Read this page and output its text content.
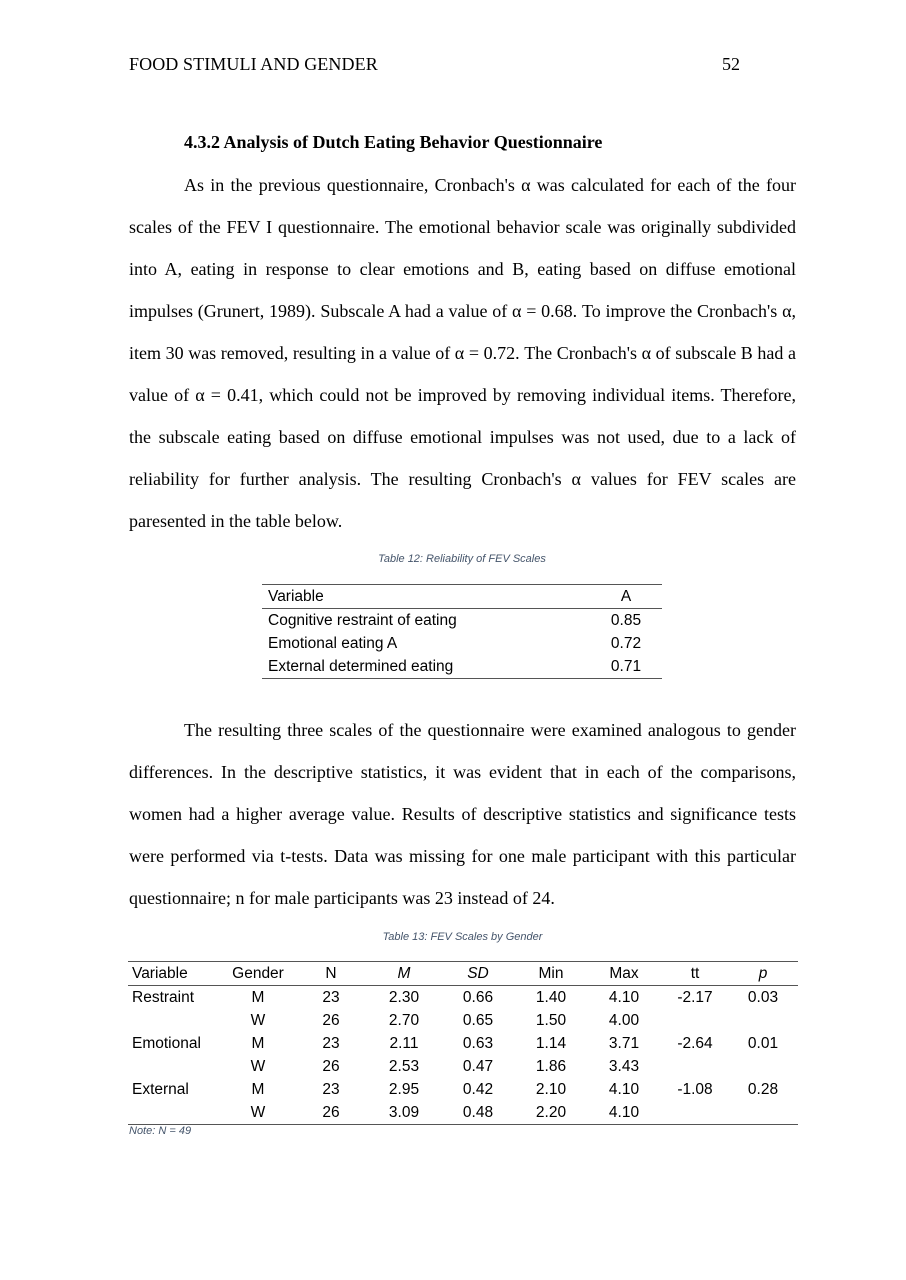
FOOD STIMULI AND GENDER	52
4.3.2 Analysis of Dutch Eating Behavior Questionnaire

As in the previous questionnaire, Cronbach's α was calculated for each of the four scales of the FEV I questionnaire. The emotional behavior scale was originally subdivided into A, eating in response to clear emotions and B, eating based on diffuse emotional impulses (Grunert, 1989). Subscale A had a value of α = 0.68. To improve the Cronbach's α, item 30 was removed, resulting in a value of α = 0.72. The Cronbach's α of subscale B had a value of α = 0.41, which could not be improved by removing individual items. Therefore, the subscale eating based on diffuse emotional impulses was not used, due to a lack of reliability for further analysis. The resulting Cronbach's α values for FEV scales are paresented in the table below.

Table 12: Reliability of FEV Scales
Variable	A
Cognitive restraint of eating	0.85
Emotional eating A	0.72
External determined eating	0.71

The resulting three scales of the questionnaire were examined analogous to gender differences. In the descriptive statistics, it was evident that in each of the comparisons, women had a higher average value. Results of descriptive statistics and significance tests were performed via t-tests. Data was missing for one male participant with this particular questionnaire; n for male participants was 23 instead of 24.

Table 13: FEV Scales by Gender
Variable	Gender	N	M	SD	Min	Max	tt	p
Restraint	M	23	2.30	0.66	1.40	4.10	-2.17	0.03
	W	26	2.70	0.65	1.50	4.00		
Emotional	M	23	2.11	0.63	1.14	3.71	-2.64	0.01
	W	26	2.53	0.47	1.86	3.43		
External	M	23	2.95	0.42	2.10	4.10	-1.08	0.28
	W	26	3.09	0.48	2.20	4.10		
Note: N = 49
